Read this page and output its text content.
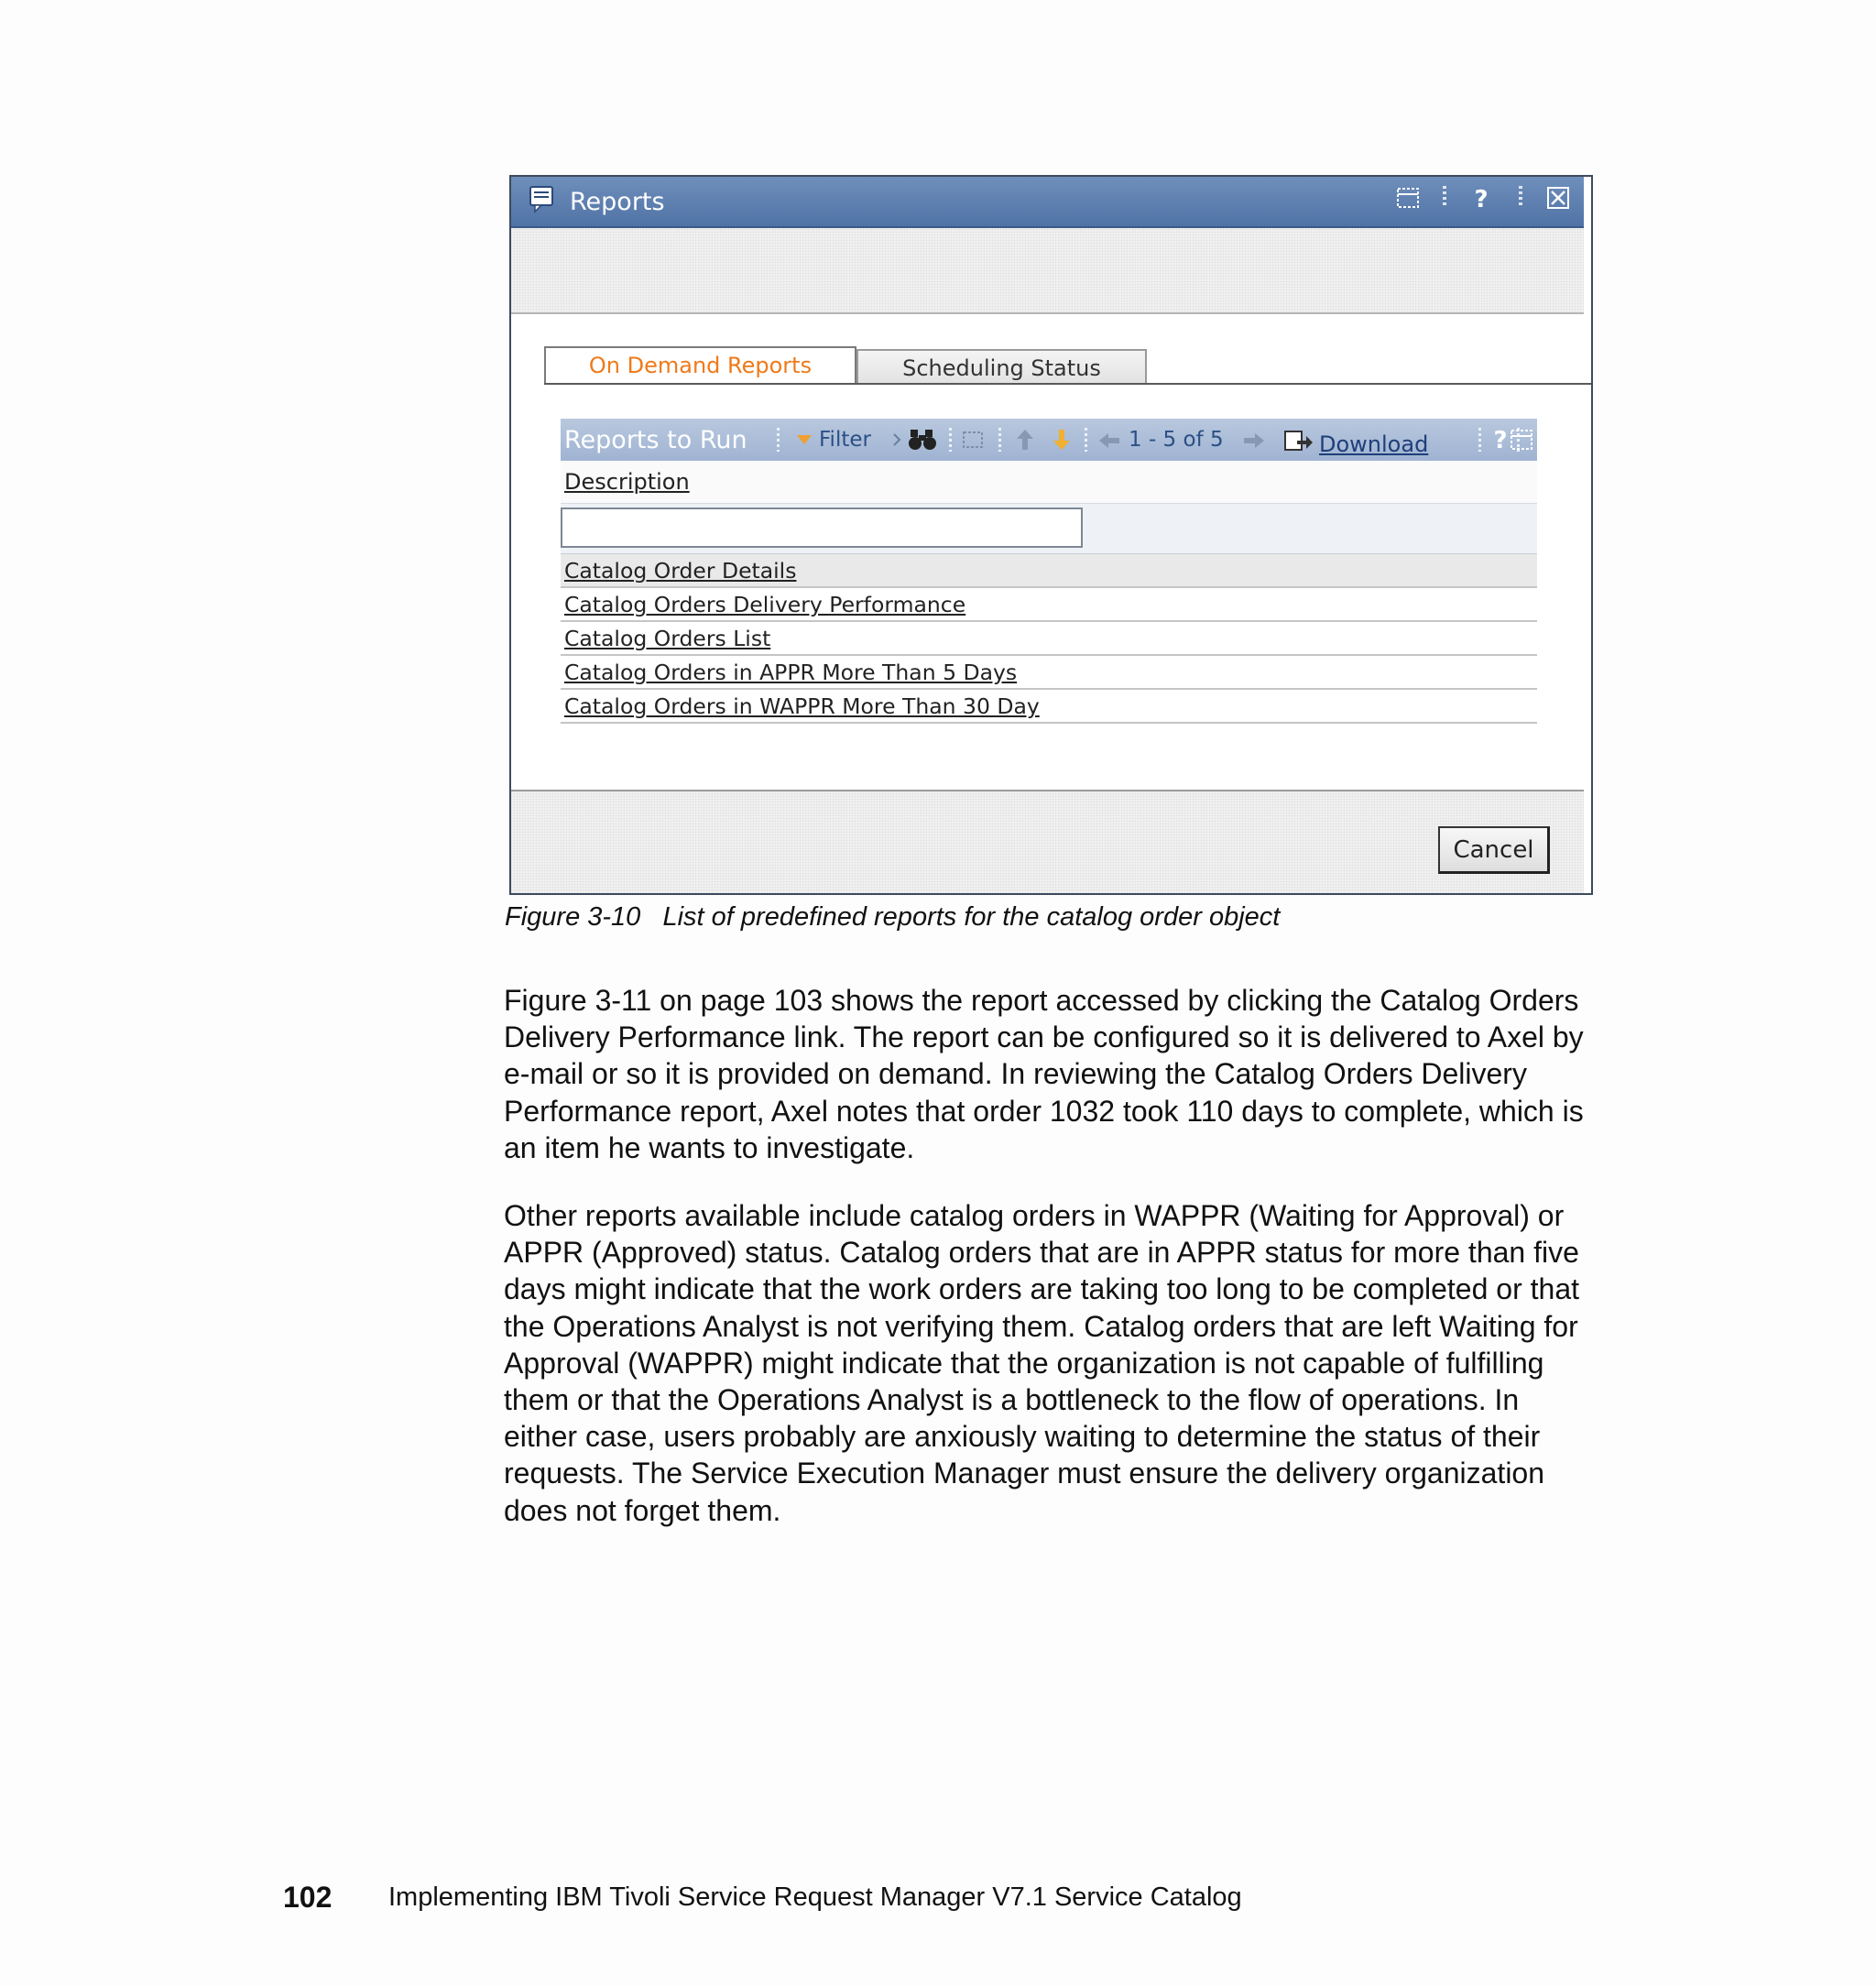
Reports	?
On Demand Reports	Scheduling Status
Reports to Run	Filter	1 - 5 of 5	Download	?
Description
Catalog Order Details
Catalog Orders Delivery Performance
Catalog Orders List
Catalog Orders in APPR More Than 5 Days
Catalog Orders in WAPPR More Than 30 Day
Cancel
Figure 3-10 List of predefined reports for the catalog order object

Figure 3-11 on page 103 shows the report accessed by clicking the Catalog Orders Delivery Performance link. The report can be configured so it is delivered to Axel by e-mail or so it is provided on demand. In reviewing the Catalog Orders Delivery Performance report, Axel notes that order 1032 took 110 days to complete, which is an item he wants to investigate.

Other reports available include catalog orders in WAPPR (Waiting for Approval) or APPR (Approved) status. Catalog orders that are in APPR status for more than five days might indicate that the work orders are taking too long to be completed or that the Operations Analyst is not verifying them. Catalog orders that are left Waiting for Approval (WAPPR) might indicate that the organization is not capable of fulfilling them or that the Operations Analyst is a bottleneck to the flow of operations. In either case, users probably are anxiously waiting to determine the status of their requests. The Service Execution Manager must ensure the delivery organization does not forget them.

102 Implementing IBM Tivoli Service Request Manager V7.1 Service Catalog
